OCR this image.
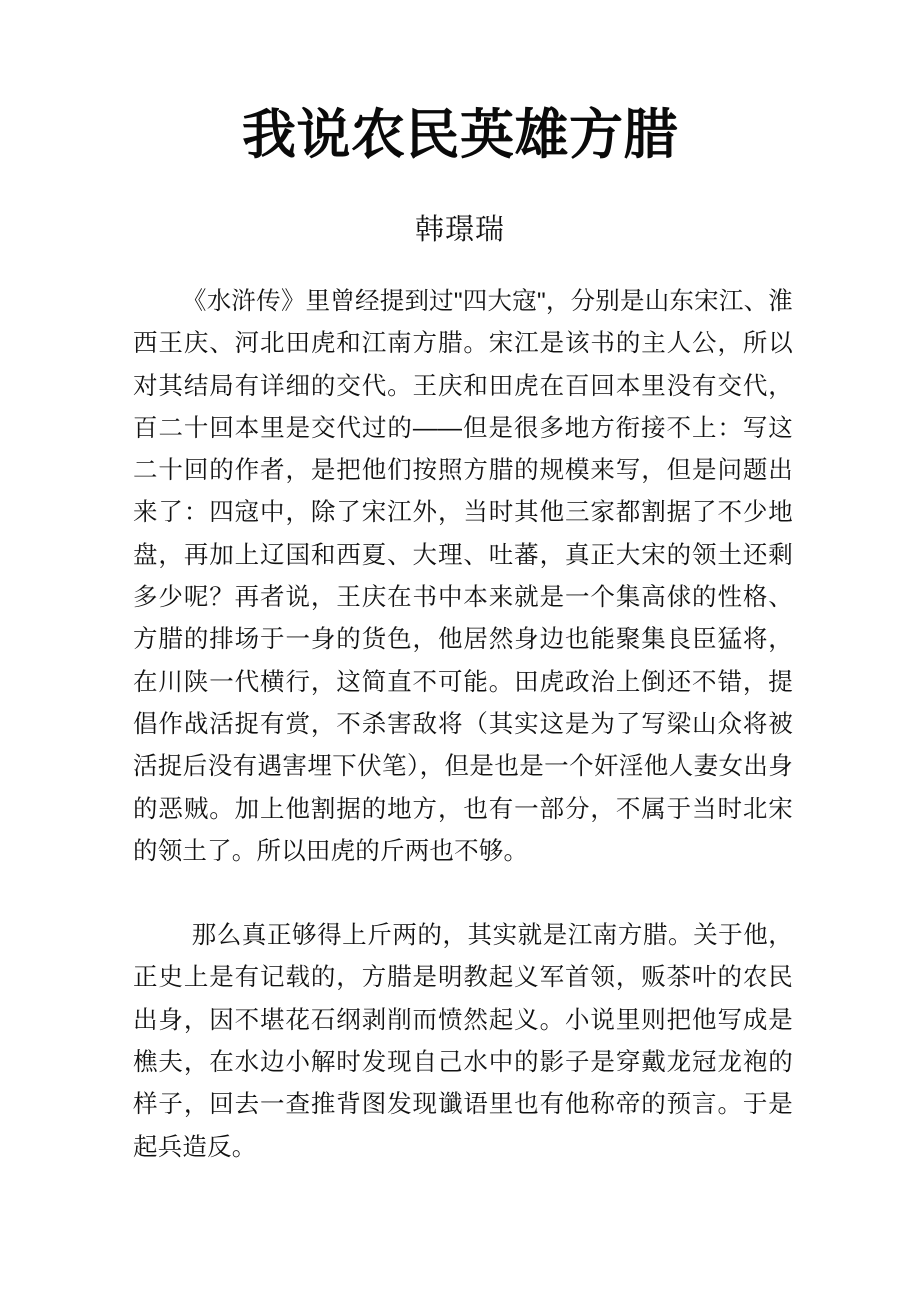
我说农民英雄方腊

韩璟瑞

《水浒传》里曾经提到过"四大寇"，分别是山东宋江、淮西王庆、河北田虎和江南方腊。宋江是该书的主人公，所以对其结局有详细的交代。王庆和田虎在百回本里没有交代，百二十回本里是交代过的——但是很多地方衔接不上：写这二十回的作者，是把他们按照方腊的规模来写，但是问题出来了：四寇中，除了宋江外，当时其他三家都割据了不少地盘，再加上辽国和西夏、大理、吐蕃，真正大宋的领土还剩多少呢？再者说，王庆在书中本来就是一个集高俅的性格、方腊的排场于一身的货色，他居然身边也能聚集良臣猛将，在川陕一代横行，这简直不可能。田虎政治上倒还不错，提倡作战活捉有赏，不杀害敌将（其实这是为了写梁山众将被活捉后没有遇害埋下伏笔），但是也是一个奸淫他人妻女出身的恶贼。加上他割据的地方，也有一部分，不属于当时北宋的领土了。所以田虎的斤两也不够。

那么真正够得上斤两的，其实就是江南方腊。关于他，正史上是有记载的，方腊是明教起义军首领，贩茶叶的农民出身，因不堪花石纲剥削而愤然起义。小说里则把他写成是樵夫，在水边小解时发现自己水中的影子是穿戴龙冠龙袍的样子，回去一查推背图发现谶语里也有他称帝的预言。于是起兵造反。
